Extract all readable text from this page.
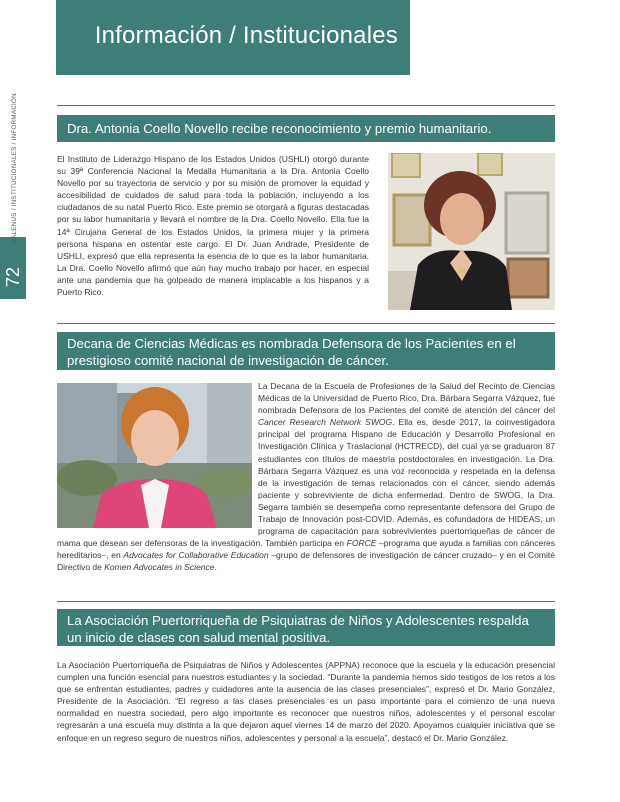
Información / Institucionales
72
GALENUS / INSTITUCIONALES / INFORMACIÓN	Dra. Antonia Coello Novello recibe reconocimiento y premio humanitario.

El Instituto de Liderazgo Hispano de los Estados Unidos (USHLI) otorgó durante su 39ª Conferencia Nacional la Medalla Humanitaria a la Dra. Antonia Coello Novello por su trayectoria de servicio y por su misión de promover la equidad y accesibilidad de cuidados de salud para toda la población, incluyendo a los ciudadanos de su natal Puerto Rico. Este premio se otorgará a figuras destacadas por su labor humanitaria y llevará el nombre de la Dra. Coello Novello. Ella fue la 14ª Cirujana General de los Estados Unidos, la primera mujer y la primera persona hispana en ostentar este cargo. El Dr. Juan Andrade, Presidente de USHLI, expresó que ella representa la esencia de lo que es la labor humanitaria. La Dra. Coello Novello afirmó que aún hay mucho trabajo por hacer, en especial ante una pandemia que ha golpeado de manera implacable a los hispanos y a Puerto Rico.

Decana de Ciencias Médicas es nombrada Defensora de los Pacientes en el prestigioso comité nacional de investigación de cáncer.

La Decana de la Escuela de Profesiones de la Salud del Recinto de Ciencias Médicas de la Universidad de Puerto Rico, Dra. Bárbara Segarra Vázquez, fue nombrada Defensora de los Pacientes del comité de atención del cáncer del Cancer Research Network SWOG. Ella es, desde 2017, la coinvestigadora principal del programa Hispano de Educación y Desarrollo Profesional en Investigación Clínica y Traslacional (HCTRECD), del cual ya se graduaron 87 estudiantes con títulos de maestría postdoctorales en investigación. La Dra. Bárbara Segarra Vázquez es una voz reconocida y respetada en la defensa de la investigación de temas relacionados con el cáncer, siendo además paciente y sobreviviente de dicha enfermedad. Dentro de SWOG, la Dra. Segarra también se desempeña como representante defensora del Grupo de Trabajo de Innovación post-COVID. Además, es cofundadora de HIDEAS, un programa de capacitación para sobrevivientes puertorriqueñas de cáncer de mama que desean ser defensoras de la investigación. También participa en FORCE –programa que ayuda a familias con cánceres hereditarios–, en Advocates for Collaborative Education –grupo de defensores de investigación de cáncer cruzado– y en el Comité Directivo de Komen Advocates in Science.

La Asociación Puertorriqueña de Psiquiatras de Niños y Adolescentes respalda un inicio de clases con salud mental positiva.

La Asociación Puertorriqueña de Psiquiatras de Niños y Adolescentes (APPNA) reconoce que la escuela y la educación presencial cumplen una función esencial para nuestros estudiantes y la sociedad. “Durante la pandemia hemos sido testigos de los retos a los que se enfrentan estudiantes, padres y cuidadores ante la ausencia de las clases presenciales”, expresó el Dr. Mario González, Presidente de la Asociación. “El regreso a las clases presenciales es un paso importante para el comienzo de una nueva normalidad en nuestra sociedad, pero algo importante es reconocer que nuestros niños, adolescentes y el personal escolar regresarán a una escuela muy distinta a la que dejaron aquel viernes 14 de marzo del 2020. Apoyamos cualquier iniciativa que se enfoque en un regreso seguro de nuestros niños, adolescentes y personal a la escuela”, destacó el Dr. Mario González.
